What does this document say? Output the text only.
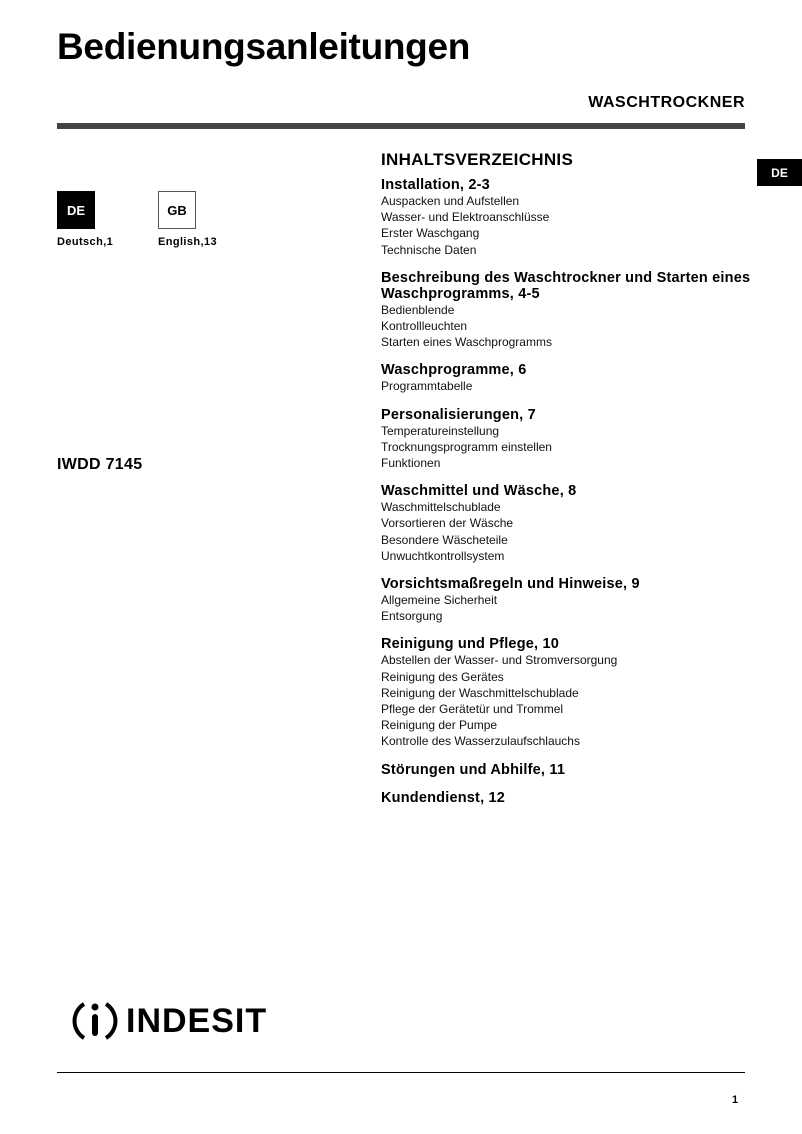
Bedienungsanleitungen
WASCHTROCKNER
DE
DE	GB
Deutsch,1	English,13
IWDD 7145
INHALTSVERZEICHNIS
Installation, 2-3
Auspacken und Aufstellen
Wasser- und Elektroanschlüsse
Erster Waschgang
Technische Daten
Beschreibung des Waschtrockner und Starten eines Waschprogramms, 4-5
Bedienblende
Kontrollleuchten
Starten eines Waschprogramms
Waschprogramme, 6
Programmtabelle
Personalisierungen, 7
Temperatureinstellung
Trocknungsprogramm einstellen
Funktionen
Waschmittel und Wäsche, 8
Waschmittelschublade
Vorsortieren der Wäsche
Besondere Wäscheteile
Unwuchtkontrollsystem
Vorsichtsmaßregeln und Hinweise, 9
Allgemeine Sicherheit
Entsorgung
Reinigung und Pflege, 10
Abstellen der Wasser- und Stromversorgung
Reinigung des Gerätes
Reinigung der Waschmittelschublade
Pflege der Gerätetür und Trommel
Reinigung der Pumpe
Kontrolle des Wasserzulaufschlauchs
Störungen und Abhilfe, 11
Kundendienst, 12
INDESIT
1
